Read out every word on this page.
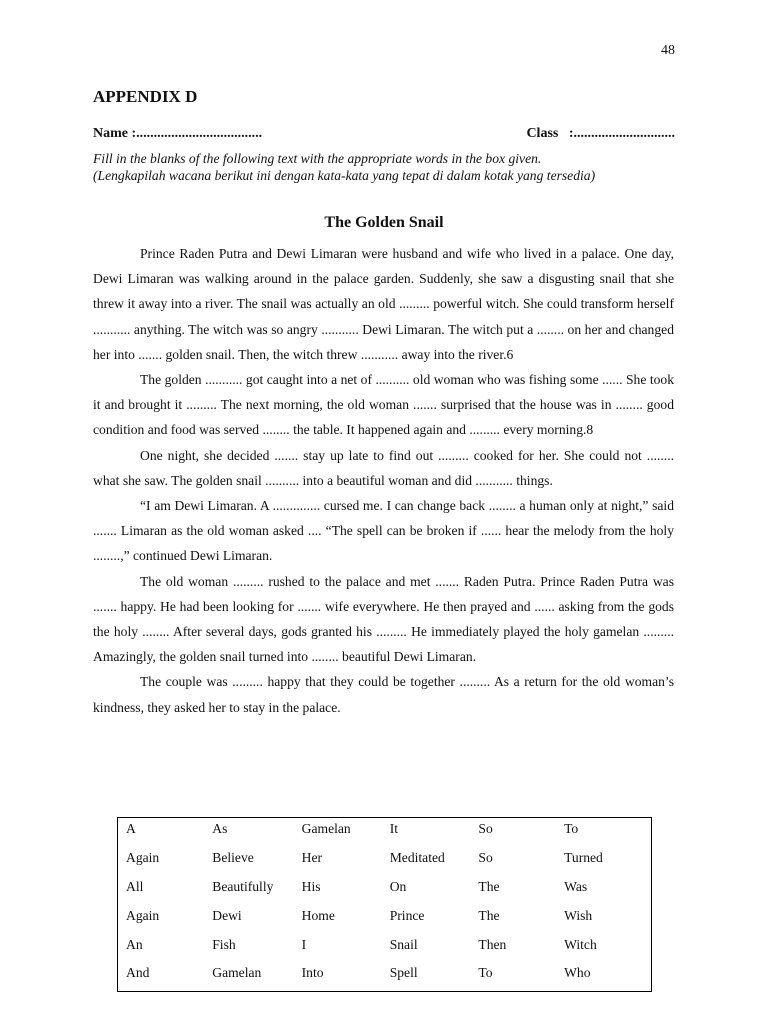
48
APPENDIX D
Name :....................................	Class   :.............................
Fill in the blanks of the following text with the appropriate words in the box given.
(Lengkapilah wacana berikut ini dengan kata-kata yang tepat di dalam kotak yang tersedia)
The Golden Snail

Prince Raden Putra and Dewi Limaran were husband and wife who lived in a palace. One day, Dewi Limaran was walking around in the palace garden. Suddenly, she saw a disgusting snail that she threw it away into a river. The snail was actually an old ......... powerful witch. She could transform herself ........... anything. The witch was so angry ........... Dewi Limaran. The witch put a ........ on her and changed her into ....... golden snail. Then, the witch threw ........... away into the river.6

The golden ........... got caught into a net of .......... old woman who was fishing some ...... She took it and brought it ......... The next morning, the old woman ....... surprised that the house was in ........ good condition and food was served ........ the table. It happened again and ......... every morning.8

One night, she decided ....... stay up late to find out ......... cooked for her. She could not ........ what she saw. The golden snail .......... into a beautiful woman and did ........... things.

“I am Dewi Limaran. A .............. cursed me. I can change back ........ a human only at night,” said ....... Limaran as the old woman asked .... “The spell can be broken if ...... hear the melody from the holy ........,” continued Dewi Limaran.

The old woman ......... rushed to the palace and met ....... Raden Putra. Prince Raden Putra was ....... happy. He had been looking for ....... wife everywhere. He then prayed and ...... asking from the gods the holy ........ After several days, gods granted his ......... He immediately played the holy gamelan ......... Amazingly, the golden snail turned into ........ beautiful Dewi Limaran.

The couple was ......... happy that they could be together ......... As a return for the old woman’s kindness, they asked her to stay in the palace.

A	As	Gamelan	It	So	To
Again	Believe	Her	Meditated	So	Turned
All	Beautifully	His	On	The	Was
Again	Dewi	Home	Prince	The	Wish
An	Fish	I	Snail	Then	Witch
And	Gamelan	Into	Spell	To	Who
